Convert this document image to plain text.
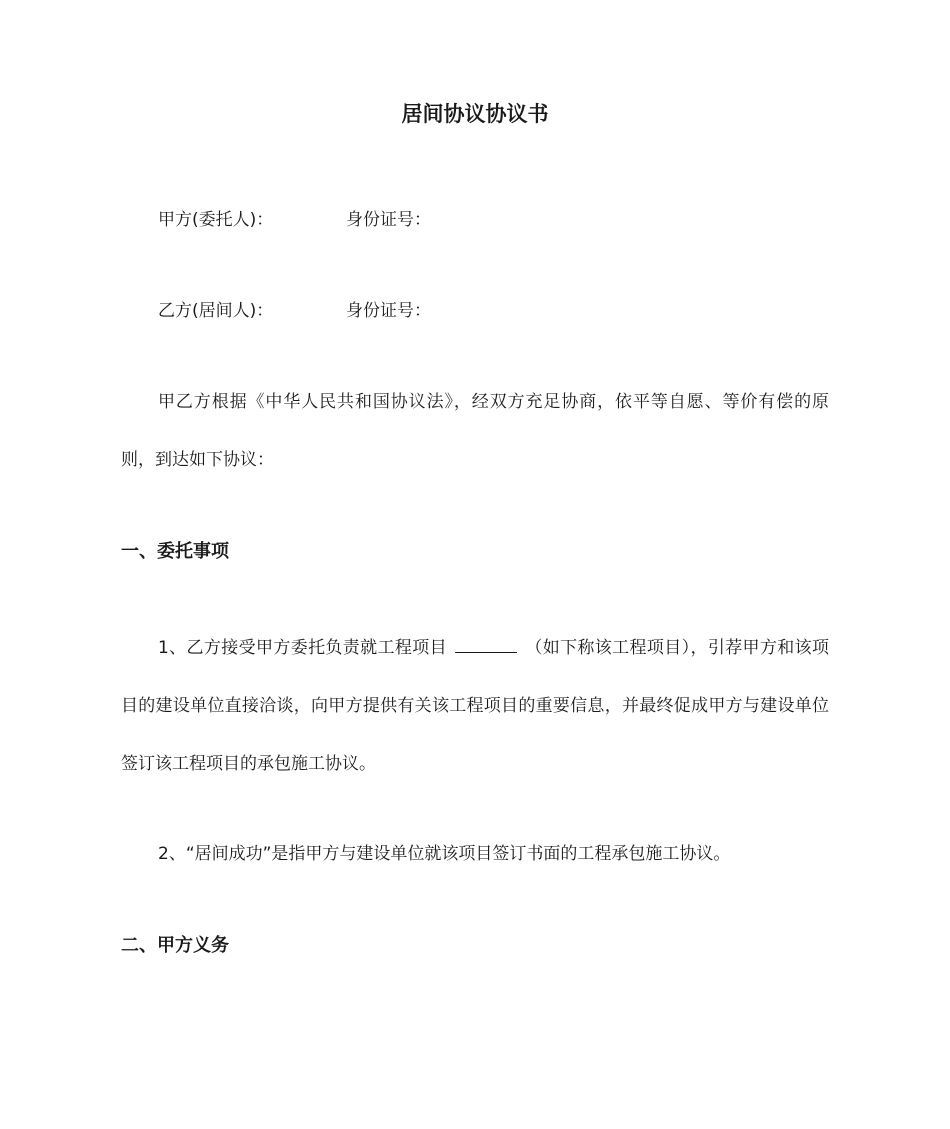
居间协议协议书
甲方(委托人)：	身份证号：
乙方(居间人)：	身份证号：
甲乙方根据《中华人民共和国协议法》，经双方充足协商，依平等自愿、等价有偿的原则，到达如下协议：
一、委托事项
1、乙方接受甲方委托负责就工程项目	（如下称该工程项目），引荐甲方和该项目的建设单位直接洽谈，向甲方提供有关该工程项目的重要信息，并最终促成甲方与建设单位签订该工程项目的承包施工协议。
2、“居间成功”是指甲方与建设单位就该项目签订书面的工程承包施工协议。
二、甲方义务
